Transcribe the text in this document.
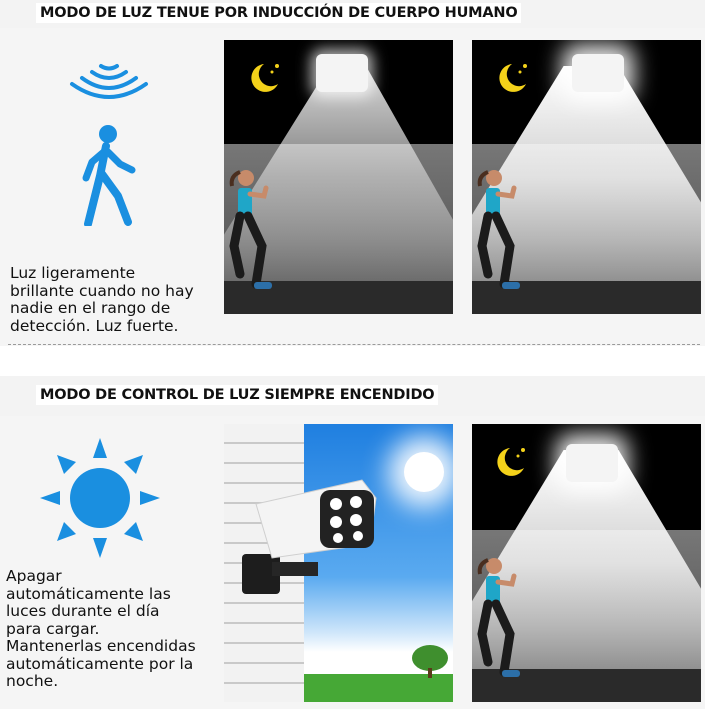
MODO DE LUZ TENUE POR INDUCCIÓN DE CUERPO HUMANO
Luz ligeramente
brillante cuando no hay
nadie en el rango de
detección. Luz fuerte.
MODO DE CONTROL DE LUZ SIEMPRE ENCENDIDO
Apagar
automáticamente las
luces durante el día
para cargar.
Mantenerlas encendidas
automáticamente por la
noche.
